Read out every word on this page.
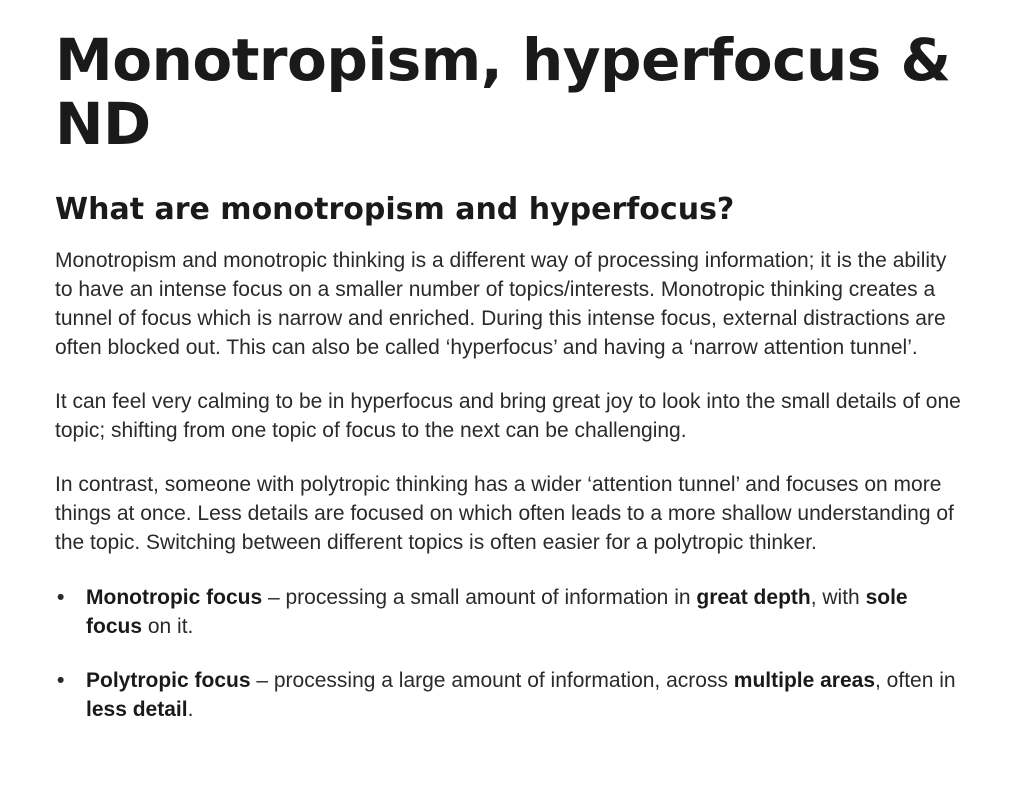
Monotropism, hyperfocus & ND
What are monotropism and hyperfocus?

Monotropism and monotropic thinking is a different way of processing information; it is the ability to have an intense focus on a smaller number of topics/interests. Monotropic thinking creates a tunnel of focus which is narrow and enriched. During this intense focus, external distractions are often blocked out. This can also be called ‘hyperfocus’ and having a ‘narrow attention tunnel’.

It can feel very calming to be in hyperfocus and bring great joy to look into the small details of one topic; shifting from one topic of focus to the next can be challenging.

In contrast, someone with polytropic thinking has a wider ‘attention tunnel’ and focuses on more things at once. Less details are focused on which often leads to a more shallow understanding of the topic. Switching between different topics is often easier for a polytropic thinker.

• Monotropic focus – processing a small amount of information in great depth, with sole focus on it.
• Polytropic focus – processing a large amount of information, across multiple areas, often in less detail.
